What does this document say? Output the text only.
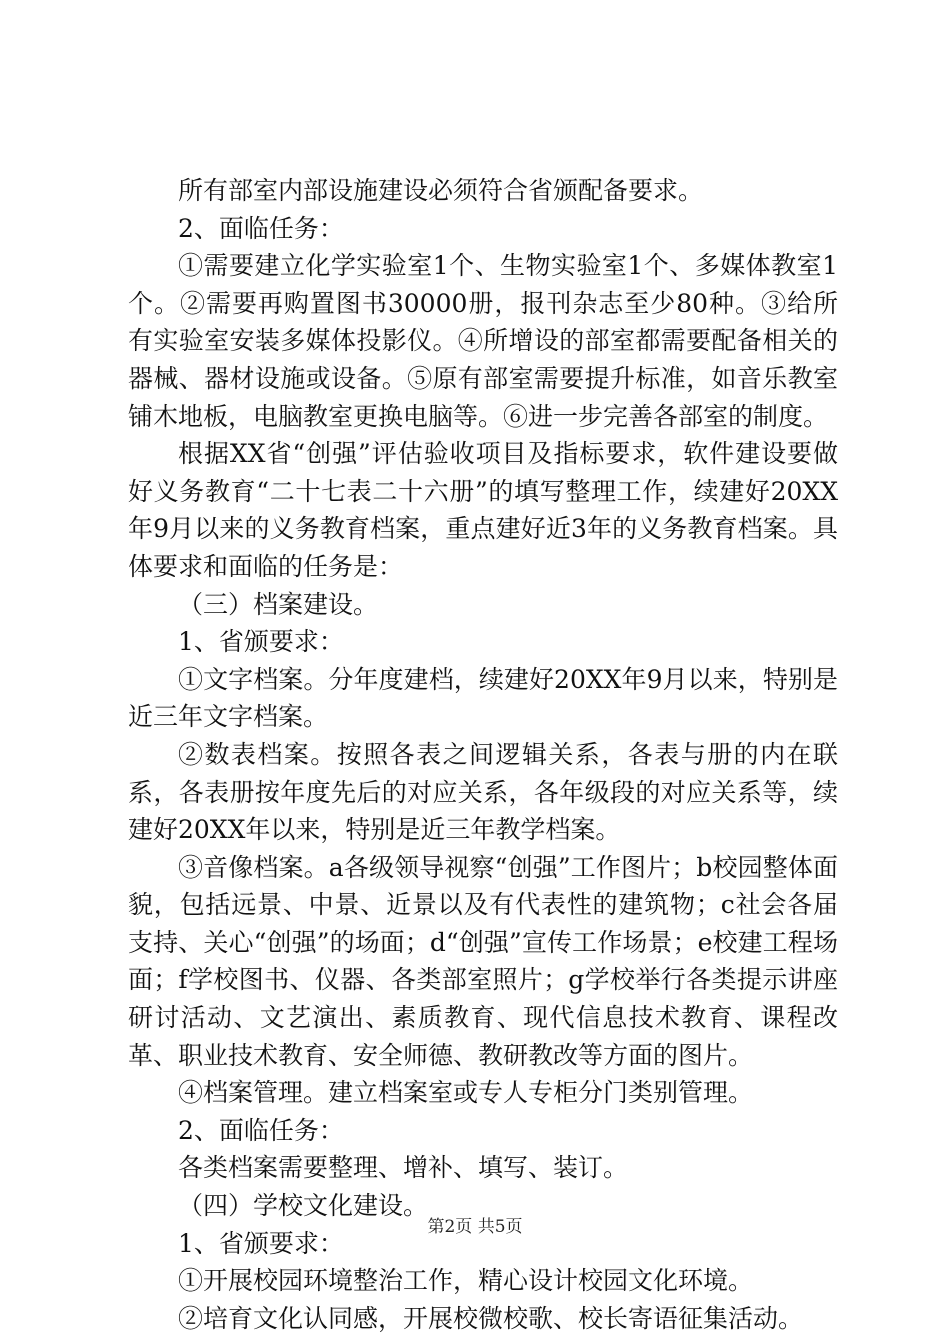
所有部室内部设施建设必须符合省颁配备要求。

2、面临任务：

①需要建立化学实验室1个、生物实验室1个、多媒体教室1个。②需要再购置图书30000册，报刊杂志至少80种。③给所有实验室安装多媒体投影仪。④所增设的部室都需要配备相关的器械、器材设施或设备。⑤原有部室需要提升标准，如音乐教室铺木地板，电脑教室更换电脑等。⑥进一步完善各部室的制度。

根据XX省“创强”评估验收项目及指标要求，软件建设要做好义务教育“二十七表二十六册”的填写整理工作，续建好20XX年9月以来的义务教育档案，重点建好近3年的义务教育档案。具体要求和面临的任务是：

（三）档案建设。

1、省颁要求：

①文字档案。分年度建档，续建好20XX年9月以来，特别是近三年文字档案。

②数表档案。按照各表之间逻辑关系，各表与册的内在联系，各表册按年度先后的对应关系，各年级段的对应关系等，续建好20XX年以来，特别是近三年教学档案。

③音像档案。a各级领导视察“创强”工作图片；b校园整体面貌，包括远景、中景、近景以及有代表性的建筑物；c社会各届支持、关心“创强”的场面；d“创强”宣传工作场景；e校建工程场面；f学校图书、仪器、各类部室照片；g学校举行各类提示讲座研讨活动、文艺演出、素质教育、现代信息技术教育、课程改革、职业技术教育、安全师德、教研教改等方面的图片。

④档案管理。建立档案室或专人专柜分门类别管理。

2、面临任务：

各类档案需要整理、增补、填写、装订。

（四）学校文化建设。

1、省颁要求：

①开展校园环境整治工作，精心设计校园文化环境。

②培育文化认同感，开展校微校歌、校长寄语征集活动。

第2页 共5页
